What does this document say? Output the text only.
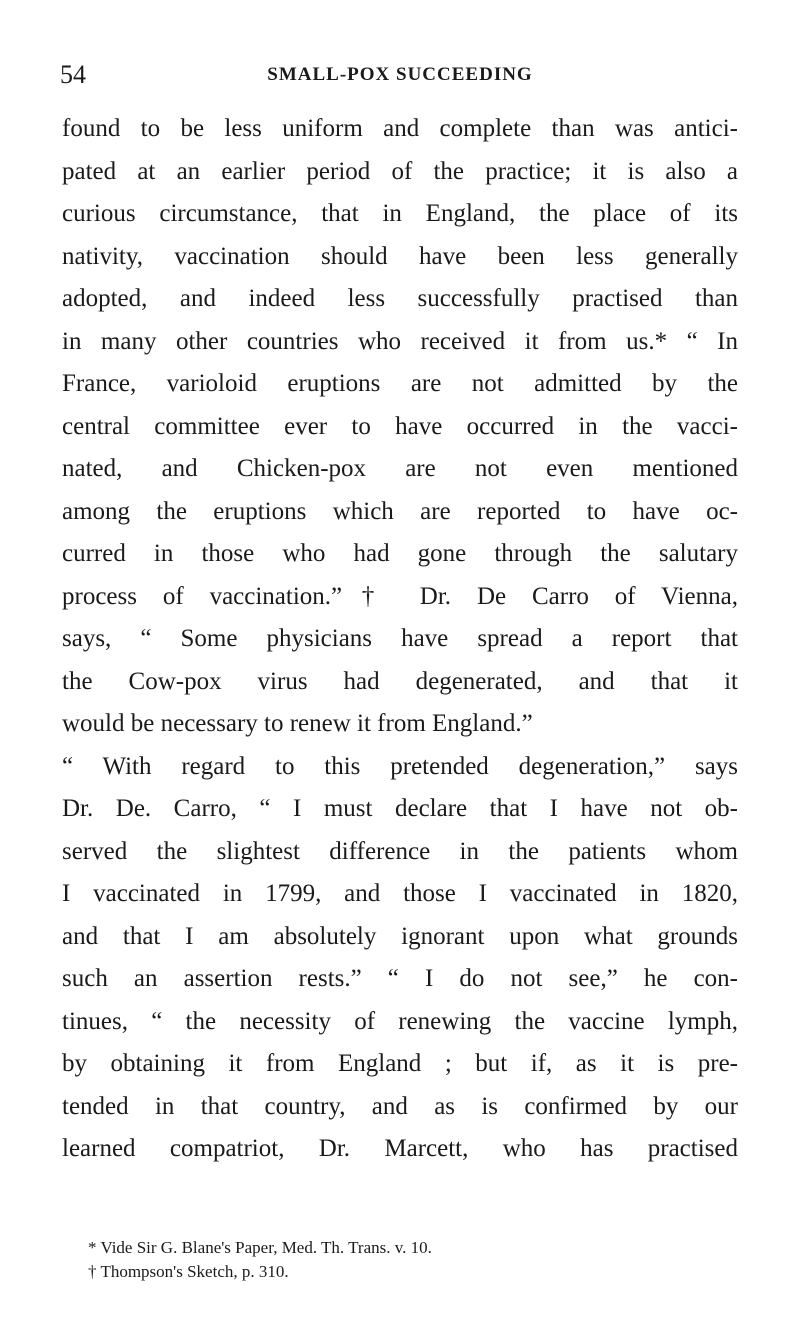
54	SMALL-POX SUCCEEDING
found to be less uniform and complete than was antici-
pated at an earlier period of the practice; it is also a
curious circumstance, that in England, the place of its
nativity, vaccination should have been less generally
adopted, and indeed less successfully practised than
in many other countries who received it from us.* “ In
France, varioloid eruptions are not admitted by the
central committee ever to have occurred in the vacci-
nated, and Chicken-pox are not even mentioned
among the eruptions which are reported to have oc-
curred in those who had gone through the salutary
process of vaccination.”† Dr. De Carro of Vienna,
says, “ Some physicians have spread a report that
the Cow-pox virus had degenerated, and that it
would be necessary to renew it from England.”
“ With regard to this pretended degeneration,” says
Dr. De. Carro, “ I must declare that I have not ob-
served the slightest difference in the patients whom
I vaccinated in 1799, and those I vaccinated in 1820,
and that I am absolutely ignorant upon what grounds
such an assertion rests.” “ I do not see,” he con-
tinues, “ the necessity of renewing the vaccine lymph,
by obtaining it from England ; but if, as it is pre-
tended in that country, and as is confirmed by our
learned compatriot, Dr. Marcett, who has practised
* Vide Sir G. Blane's Paper, Med. Th. Trans. v. 10.
† Thompson's Sketch, p. 310.
